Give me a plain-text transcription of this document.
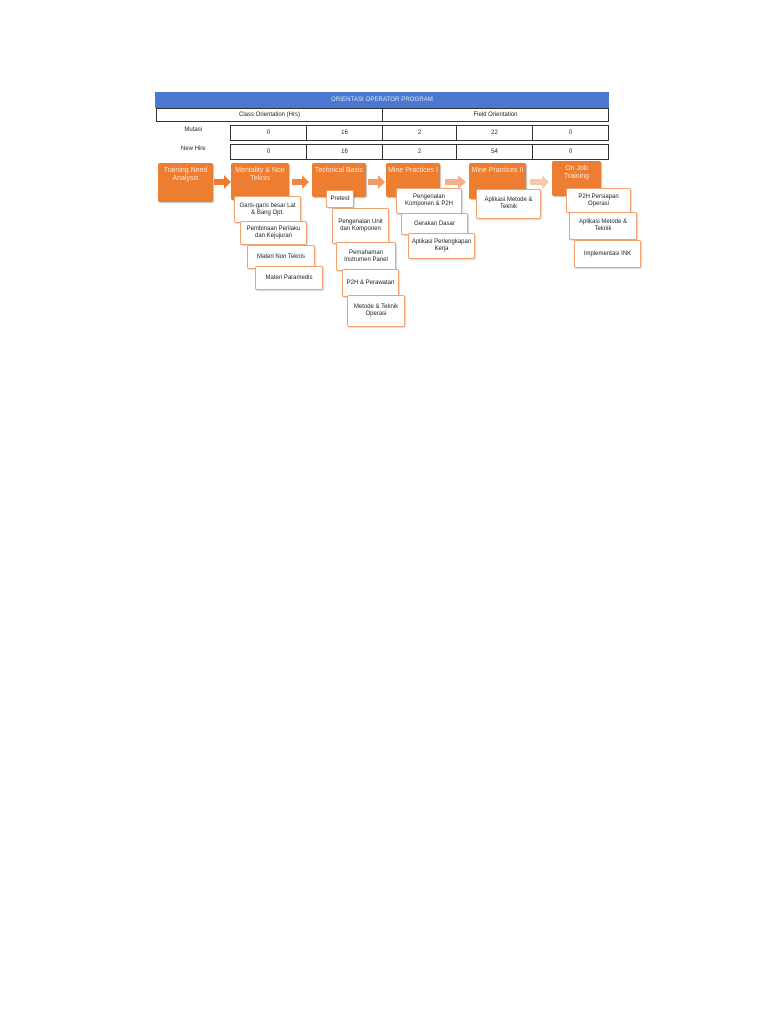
ORIENTASI OPERATOR PROGRAM
Class Orientation (Hrs)			Field Orientation		

Mutasi	0	16	2	22	0

New Hire	0	16	2	54	0
Training Need Analysis
Mentality & Non Teknis
Technical Basic	Mine Practices I	Mine Practices II	On Job Training
Garis-garis besar Lat & Bang Opt.
Pembinaan Perilaku dan Kejujuran
Materi Non Teknis
Materi Paramedis
Pretest
Pengenalan Unit dan Komponen
Pemahaman Instrumen Panel
P2H & Perawatan
Metode & Teknik Operasi
Pengenalan Komponen & P2H
Gerakan Dasar
Aplikasi Perlengkapan Kerja
Aplikasi Metode & Teknik
P2H Persiapan Operasi
Aplikasi Metode & Teknik
Implementasi INK
